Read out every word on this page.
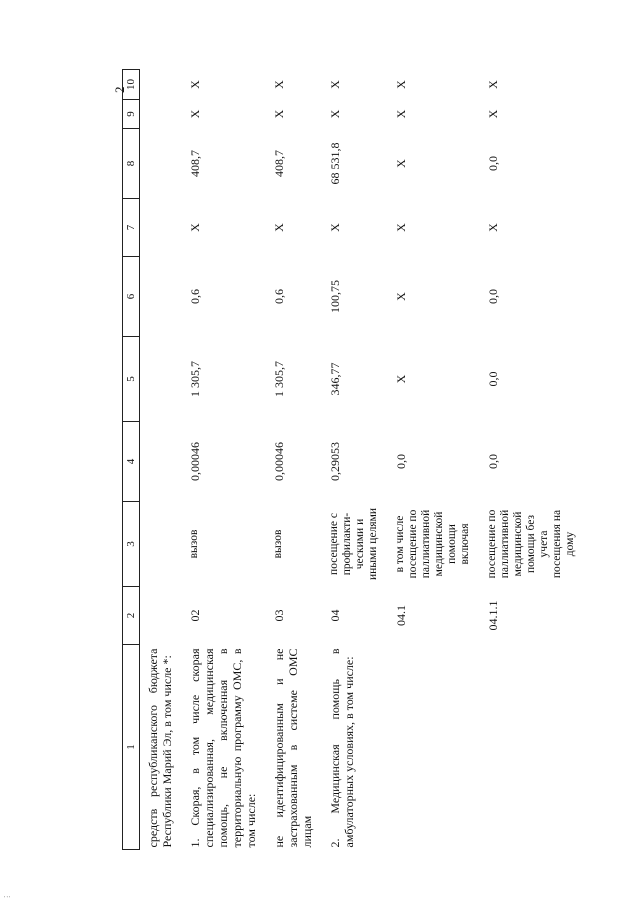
2
1	2	3	4	5	6	7	8	9	10
средств республиканского бюджета Республики Марий Эл, в том числе *:									
1. Скорая, в том числе скорая специализированная, медицинская помощь, не включенная в территориальную программу ОМС, в том числе:	02	вызов	0,00046	1 305,7	0,6	X	408,7	X	X
не идентифицированным и не застрахованным в системе ОМС лицам	03	вызов	0,00046	1 305,7	0,6	X	408,7	X	X
2. Медицинская помощь в амбулаторных условиях, в том числе:	04	посещение с профилакти-ческими и иными целями	0,29053	346,77	100,75	X	68 531,8	X	X
	04.1	в том числе посещение по паллиативной медицинской помощи включая	0,0	X	X	X	X	X	X
	04.1.1	посещение по паллиативной медицинской помощи без учета посещения на дому	0,0	0,0	0,0	X	0,0	X	X
' ' '
